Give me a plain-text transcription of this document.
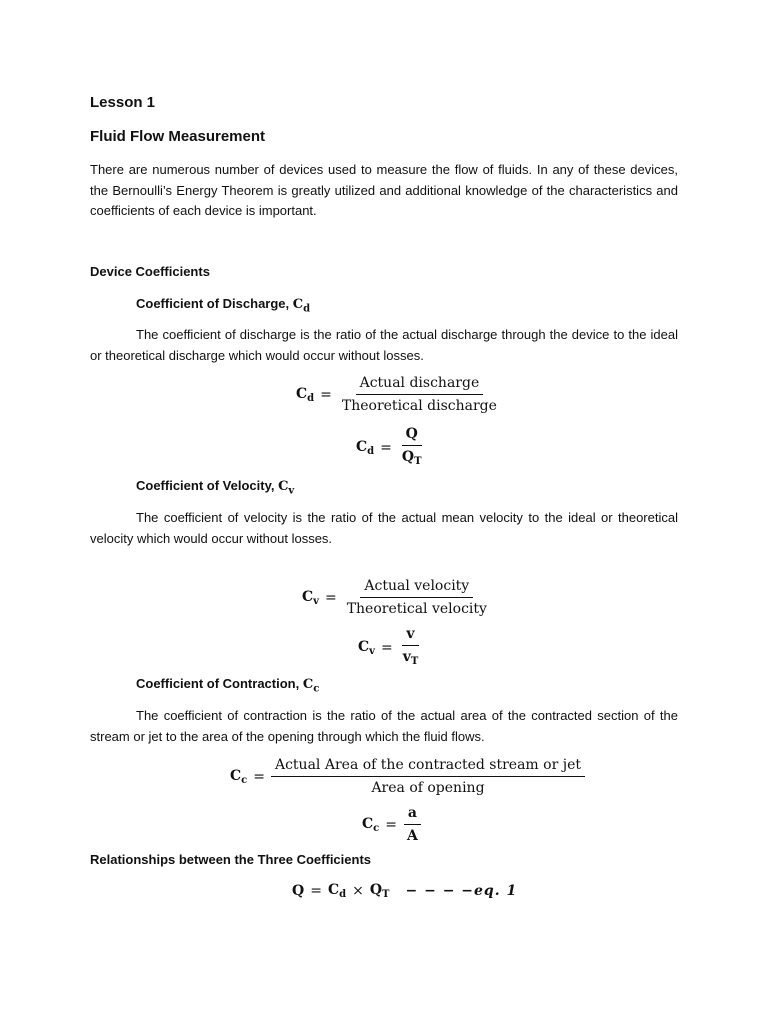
Lesson 1
Fluid Flow Measurement
There are numerous number of devices used to measure the flow of fluids. In any of these devices, the Bernoulli’s Energy Theorem is greatly utilized and additional knowledge of the characteristics and coefficients of each device is important.
Device Coefficients
Coefficient of Discharge, $C_d$
The coefficient of discharge is the ratio of the actual discharge through the device to the ideal or theoretical discharge which would occur without losses.
$C_d = \frac{\text{Actual discharge}}{\text{Theoretical discharge}}$
$C_d = \frac{Q}{Q_T}$
Coefficient of Velocity, $C_v$
The coefficient of velocity is the ratio of the actual mean velocity to the ideal or theoretical velocity which would occur without losses.
$C_v = \frac{\text{Actual velocity}}{\text{Theoretical velocity}}$
$C_v = \frac{v}{v_T}$
Coefficient of Contraction, $C_c$
The coefficient of contraction is the ratio of the actual area of the contracted section of the stream or jet to the area of the opening through which the fluid flows.
$C_c = \frac{\text{Actual Area of the contracted stream or jet}}{\text{Area of opening}}$
$C_c = \frac{a}{A}$
Relationships between the Three Coefficients
$Q = C_d \times Q_T$ − − − −eq. 1
